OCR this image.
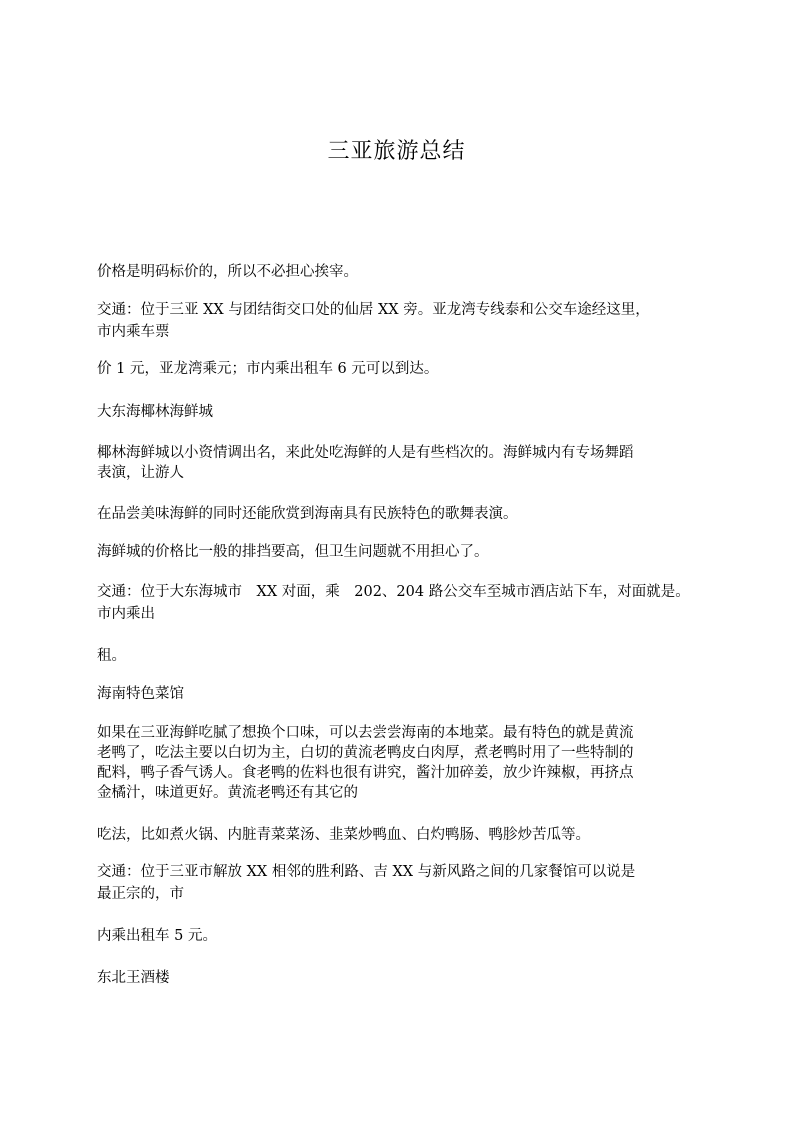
三亚旅游总结
价格是明码标价的，所以不必担心挨宰。
交通：位于三亚 XX 与团结街交口处的仙居 XX 旁。亚龙湾专线泰和公交车途经这里，
市内乘车票
价 1 元，亚龙湾乘元；市内乘出租车 6 元可以到达。
大东海椰林海鲜城
椰林海鲜城以小资情调出名，来此处吃海鲜的人是有些档次的。海鲜城内有专场舞蹈
表演，让游人
在品尝美味海鲜的同时还能欣赏到海南具有民族特色的歌舞表演。
海鲜城的价格比一般的排挡要高，但卫生问题就不用担心了。
交通：位于大东海城市　XX 对面，乘　202、204 路公交车至城市酒店站下车，对面就是。
市内乘出
租。
海南特色菜馆
如果在三亚海鲜吃腻了想换个口味，可以去尝尝海南的本地菜。最有特色的就是黄流
老鸭了，吃法主要以白切为主，白切的黄流老鸭皮白肉厚，煮老鸭时用了一些特制的
配料，鸭子香气诱人。食老鸭的佐料也很有讲究，酱汁加碎姜，放少许辣椒，再挤点
金橘汁，味道更好。黄流老鸭还有其它的
吃法，比如煮火锅、内脏青菜菜汤、韭菜炒鸭血、白灼鸭肠、鸭胗炒苦瓜等。
交通：位于三亚市解放 XX 相邻的胜利路、吉 XX 与新风路之间的几家餐馆可以说是
最正宗的，市
内乘出租车 5 元。
东北王酒楼
